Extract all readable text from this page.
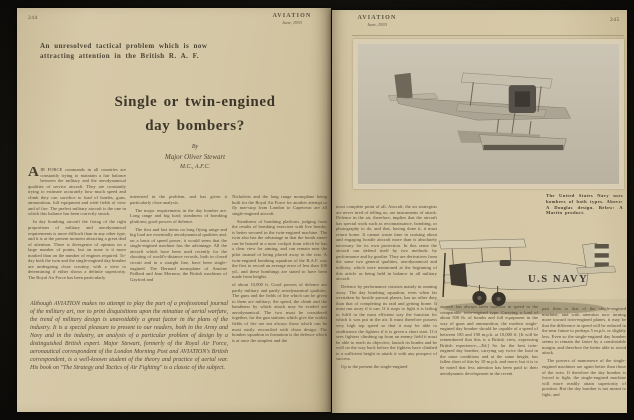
244	AVIATION
June, 1933
An unresolved tactical problem which is now
attracting attention in the British R. A. F.
Single or twin-engined
day bombers?

By

Major Oliver Stewart

M.C., A.F.C.

AIR FORCE commands in all countries are constantly trying to maintain a fair balance between the military and the aerodynamical qualities of service aircraft. They are constantly trying to estimate accurately how much speed and climb they can sacrifice to load of bombs, guns, ammunition, full equipment and wide fields of view and of fire. The perfect military aircraft is the one in which this balance has been correctly struck.

In day bombing aircraft the fixing of the right proportions of military and aerodynamical requirements is more difficult than in any other type, and it is at the present moment attracting a great deal of attention. There is divergence of opinion on a large number of points, but on none is it more marked than on the number of engines required. To-day both the twin and the single-engined day bomber are undergoing close scrutiny, with a view to determining if either shows a definite superiority. The Royal Air Force has been particularly

interested in the problem, and has given it particularly close analysis.

The major requirements in the day bomber are: Long range and big load; steadiness of bombing platform; good powers of defence.

The first and last items on long flying range and big load are essentially aerodynamical qualities and, on a basis of speed power, it would seem that the single-engined machine has the advantage. All the aircraft which have been used recently for the shooting of world's-distance records, both in closed circuit and in a straight line, have been single-engined. The Bernard monoplane of Antoine Paillard and Jean Mermoz, the British machines of Gayford and

Nicholetts and the long range monoplane being built for the Royal Air Force for another attempt to fly non-stop from London to Capetown are all single-engined aircraft.

Steadiness of bombing platform, judging from the results of bombing exercises with live bombs, is better secured in the twin-engined machine. The twin also has the advantage in that the bomb aimer can be housed in a nose cockpit from which he has a clear view for aiming, and can remain near the pilot instead of being placed away in the rear. A twin-engined bombing squadron of the R.A.F. was the first to record an average error of less than 100 yd., and these bombings are stated to have been made from heights

of about 10,000 ft. Good powers of defence are partly military and partly aerodynamical qualities. The guns and the fields of fire which can be given to them are military; the speed, the climb and the handiness by which attack may be evaded are aerodynamical. The two must be considered together, for the gun stations which give the widest fields of fire are not always those which can be most easily reconciled with clean design. The bomber squadron in formation is the defence which is at once the simplest and the

Although AVIATION makes no attempt to play the part of a professional journal of the military art, nor to print disquisitions upon the minutiae of aerial warfare, the trend of military design is unavoidably a great factor in the plans of the industry. It is a special pleasure to present to our readers, both in the Army and Navy and in the industry, an analysis of a particular problem of design by a distinguished British expert. Major Stewart, formerly of the Royal Air Force, aeronautical correspondent of the London Morning Post and AVIATION's British correspondent, is a well-known student of the theory and practice of aerial war. His book on "The Strategy and Tactics of Air Fighting" is a classic of the subject.
AVIATION
June, 1933
245
The United States Navy uses bombers of both types. Above: A Douglas design. Below: A Martin product.
U.S NAVY

most complete point of all. Aircraft, the air strategists are never tired of telling us, are instruments of attack. Defence in the air, therefore, implies that the aircraft has special work such as reconnaissance, bombing, or photography to do, and that, having done it, it must return home. It cannot waste time in cruising about and engaging hostile aircraft more than is absolutely necessary for its own protection. In this sense the aircraft can defend itself by two methods: by performance and by gunfire. They are derivatives from the same two general qualities, aerodynamical and military, which were mentioned at the beginning of this article as being held in balance in all military aircraft.

Defence by performance consists mainly in running away. The day bombing squadron, even when far overtaken by hostile pursuit planes, has no other duty than that of completing its raid and getting home. It must run away if it can. If it stops to fight it is failing to fulfil in the most efficient way the function for which it was put in the air. It must therefore possess very high top speed so that it may be able to outdistance the fighters if it is given a short start. If it sees fighters climbing up from an enemy field it must be able to reach its objective, launch its bombs and be well on the way back before the fighters have climbed to a sufficient height to attack it with any prospect of success.

Up to the present the single-engined

aircraft has always been superior in speed to the comparable twin-engined type. Carrying a load of about 500 lb. of bombs and full equipment in the way of guns and ammunition, the modern single-engined day bomber should be capable of a speed of between 185 and 190 m.p.h. at 10,000 ft. [It will be remembered that this is a British view, expressing British experience.—Ed.] So far the best twin-engined day bomber, carrying say twice the load in the same conditions and at the same height, has fallen short of this by 10 m.p.h. and more; but it is to be noted that less attention has been paid to their aerodynamic development in the recent

past than to that of the single-engined machine, and with attention now turning more toward twin-engined planes, it may be that the difference in speed will be reduced in the near future to perhaps 5 m.p.h. or slightly less. Even so the single-engined day bomber seems to remain the faster by a comfortable margin, and therefore the better able to avoid attack.

The powers of manoeuvre of the single-engined machines are again better than those of the twin. If therefore the day bomber is forced to fight, the single-engined machine will more readily attain superiority of position. But the day bomber is not meant to fight, and
